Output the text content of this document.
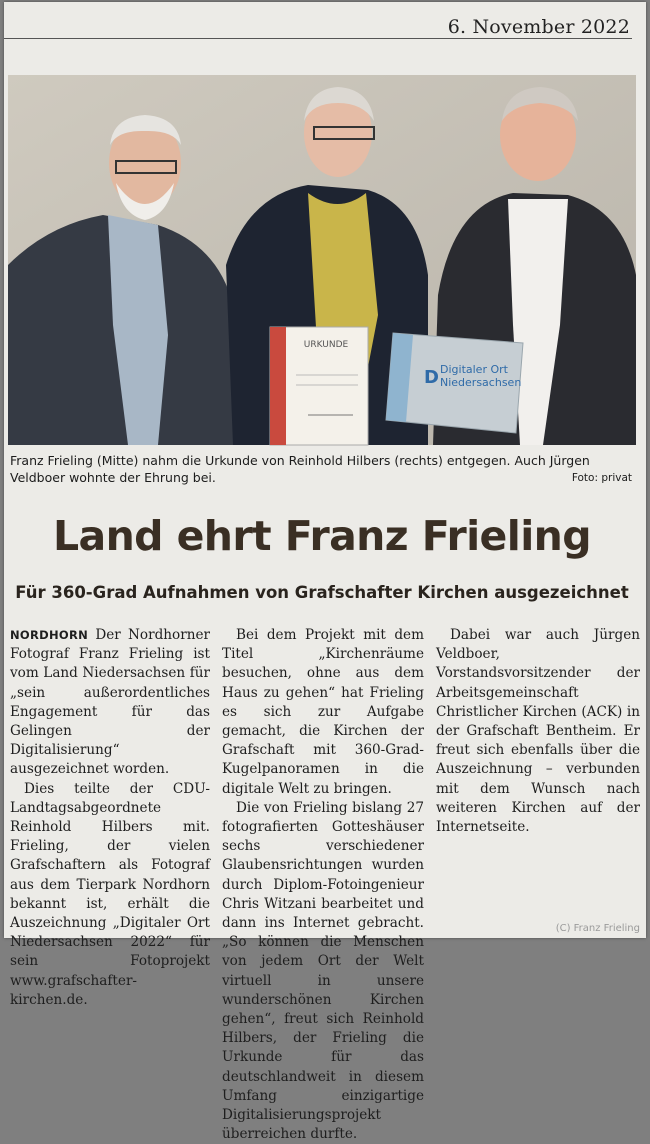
6. November 2022
URKUNDE
Digitaler Ort
Niedersachsen
D
Franz Frieling (Mitte) nahm die Urkunde von Reinhold Hilbers (rechts) entgegen. Auch Jürgen Veldboer wohnte der Ehrung bei.	Foto: privat
Land ehrt Franz Frieling
Für 360-Grad Aufnahmen von Grafschafter Kirchen ausgezeichnet

NORDHORN Der Nordhorner Fotograf Franz Frieling ist vom Land Niedersachsen für „sein außerordentliches Engagement für das Gelingen der Digitalisierung“ ausgezeichnet worden.

Dies teilte der CDU-Landtagsabgeordnete Reinhold Hilbers mit. Frieling, der vielen Grafschaftern als Fotograf aus dem Tierpark Nordhorn bekannt ist, erhält die Auszeichnung „Digitaler Ort Niedersachsen 2022“ für sein Fotoprojekt www.grafschafter-kirchen.de.

Bei dem Projekt mit dem Titel „Kirchenräume besuchen, ohne aus dem Haus zu gehen“ hat Frieling es sich zur Aufgabe gemacht, die Kirchen der Grafschaft mit 360-Grad-Kugelpanoramen in die digitale Welt zu bringen.

Die von Frieling bislang 27 fotografierten Gotteshäuser sechs verschiedener Glaubensrichtungen wurden durch Diplom-Fotoingenieur Chris Witzani bearbeitet und dann ins Internet gebracht. „So können die Menschen von jedem Ort der Welt virtuell in unsere wunderschönen Kirchen gehen“, freut sich Reinhold Hilbers, der Frieling die Urkunde für das deutschlandweit in diesem Umfang einzigartige Digitalisierungsprojekt überreichen durfte.

Dabei war auch Jürgen Veldboer, Vorstandsvorsitzender der Arbeitsgemeinschaft Christlicher Kirchen (ACK) in der Grafschaft Bentheim. Er freut sich ebenfalls über die Auszeichnung – verbunden mit dem Wunsch nach weiteren Kirchen auf der Internetseite.

(C) Franz Frieling
